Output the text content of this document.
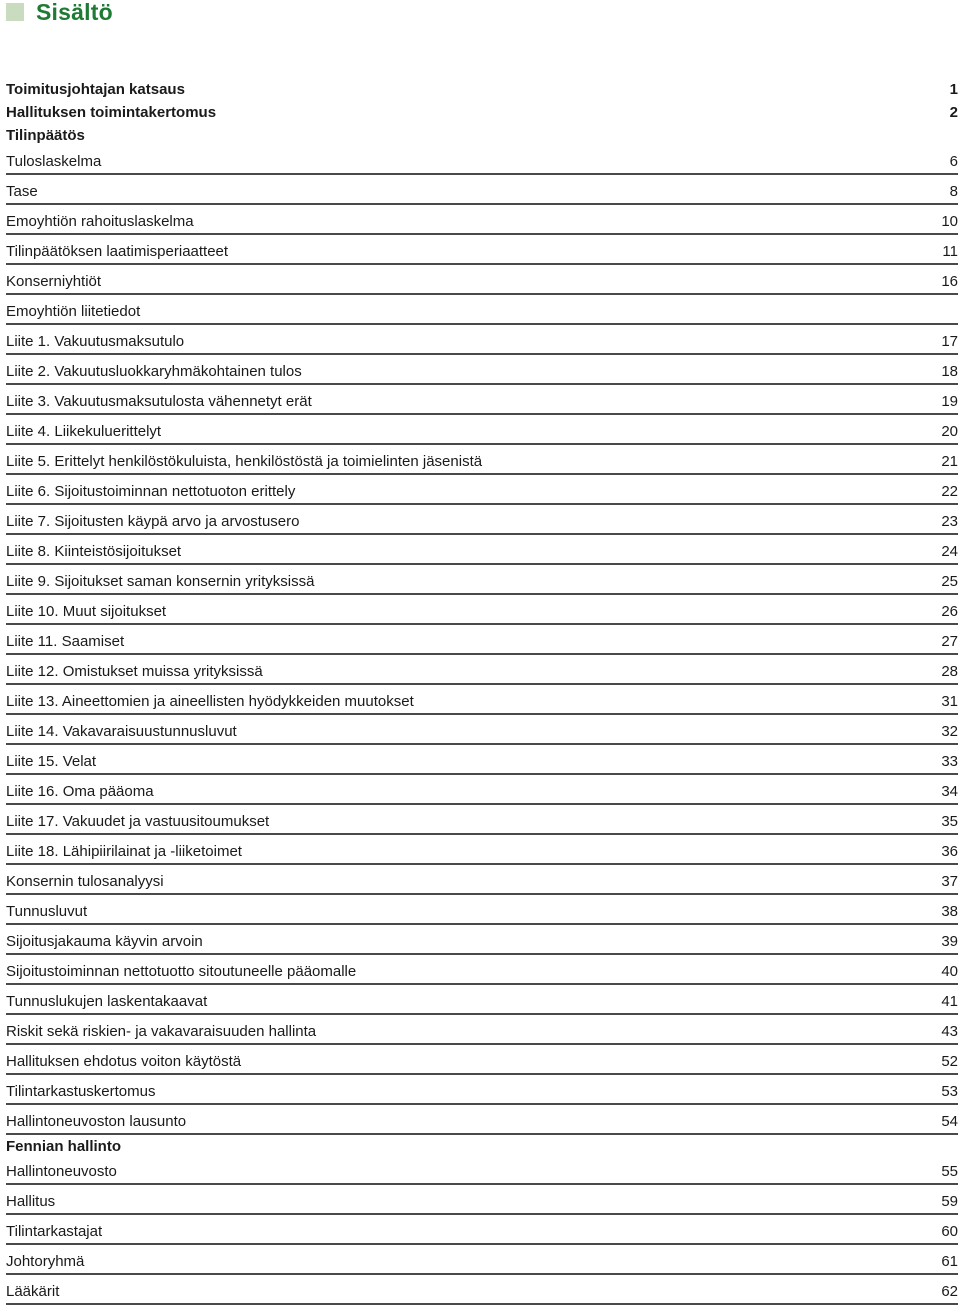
Sisältö
Toimitusjohtajan katsaus	1
Hallituksen toimintakertomus	2
Tilinpäätös
Tuloslaskelma	6
Tase	8
Emoyhtiön rahoituslaskelma	10
Tilinpäätöksen laatimisperiaatteet	11
Konserniyhtiöt	16
Emoyhtiön liitetiedot
Liite 1. Vakuutusmaksutulo	17
Liite 2. Vakuutusluokkaryhmäkohtainen tulos	18
Liite 3. Vakuutusmaksutulosta vähennetyt erät	19
Liite 4. Liikekuluerittelyt	20
Liite 5. Erittelyt henkilöstökuluista, henkilöstöstä ja toimielinten jäsenistä	21
Liite 6. Sijoitustoiminnan nettotuoton erittely	22
Liite 7. Sijoitusten käypä arvo ja arvostusero	23
Liite 8. Kiinteistösijoitukset	24
Liite 9. Sijoitukset saman konsernin yrityksissä	25
Liite 10. Muut sijoitukset	26
Liite 11. Saamiset	27
Liite 12. Omistukset muissa yrityksissä	28
Liite 13. Aineettomien ja aineellisten hyödykkeiden muutokset	31
Liite 14. Vakavaraisuustunnusluvut	32
Liite 15. Velat	33
Liite 16. Oma pääoma	34
Liite 17. Vakuudet ja vastuusitoumukset	35
Liite 18. Lähipiirilainat ja -liiketoimet	36
Konsernin tulosanalyysi	37
Tunnusluvut	38
Sijoitusjakauma käyvin arvoin	39
Sijoitustoiminnan nettotuotto sitoutuneelle pääomalle	40
Tunnuslukujen laskentakaavat	41
Riskit sekä riskien- ja vakavaraisuuden hallinta	43
Hallituksen ehdotus voiton käytöstä	52
Tilintarkastuskertomus	53
Hallintoneuvoston lausunto	54
Fennian hallinto
Hallintoneuvosto	55
Hallitus	59
Tilintarkastajat	60
Johtoryhmä	61
Lääkärit	62
